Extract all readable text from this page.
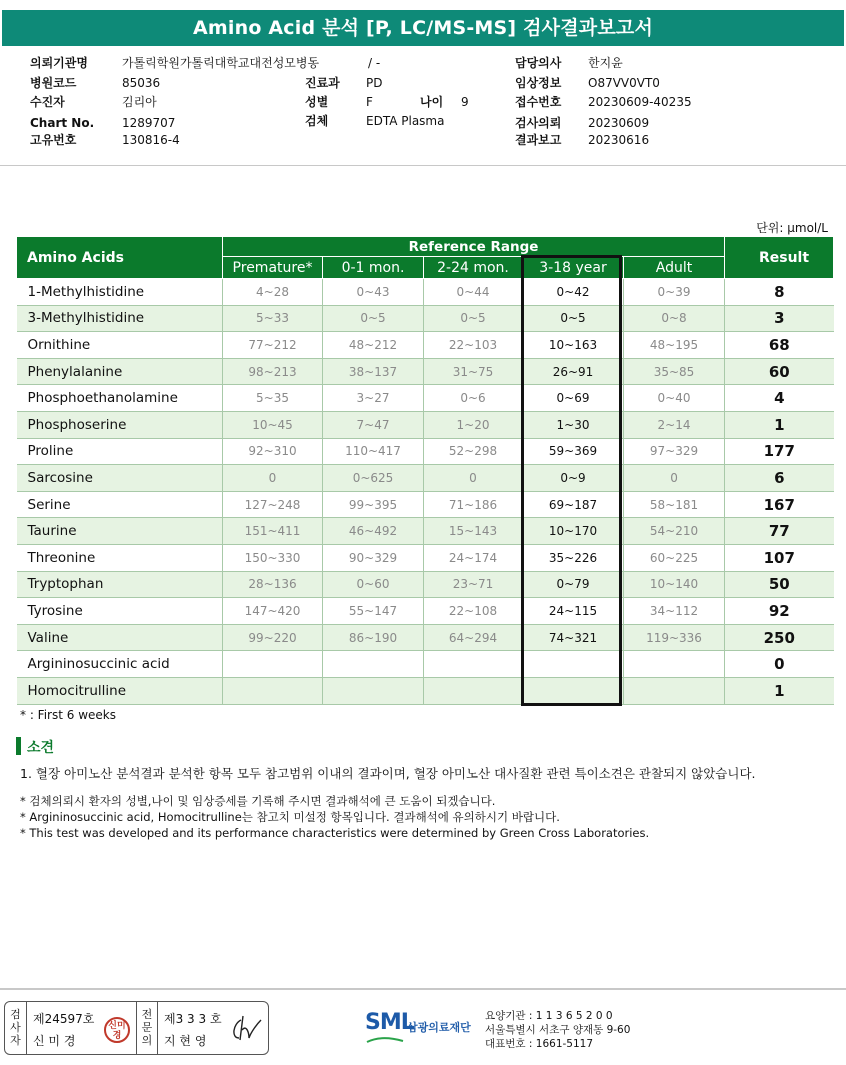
Amino Acid 분석 [P, LC/MS-MS] 검사결과보고서
의뢰기관명	가톨릭학원가톨릭대학교대전성모병동	/ -
병원코드	85036
수진자	김리아
Chart No. 1289707
고유번호	130816-4
진료과 PD
성별	F	나이 9
검체	EDTA Plasma
담당의사 한지윤
임상정보 O87VV0VT0
접수번호 20230609-40235
검사의뢰 20230609
결과보고 20230616
단위: μmol/L
Amino Acids	Reference Range					Result
	Premature*	0-1 mon.	2-24 mon.	3-18 year	Adult	
1-Methylhistidine	4~28	0~43	0~44	0~42	0~39	8
3-Methylhistidine	5~33	0~5	0~5	0~5	0~8	3
Ornithine	77~212	48~212	22~103	10~163	48~195	68
Phenylalanine	98~213	38~137	31~75	26~91	35~85	60
Phosphoethanolamine	5~35	3~27	0~6	0~69	0~40	4
Phosphoserine	10~45	7~47	1~20	1~30	2~14	1
Proline	92~310	110~417	52~298	59~369	97~329	177
Sarcosine	0	0~625	0	0~9	0	6
Serine	127~248	99~395	71~186	69~187	58~181	167
Taurine	151~411	46~492	15~143	10~170	54~210	77
Threonine	150~330	90~329	24~174	35~226	60~225	107
Tryptophan	28~136	0~60	23~71	0~79	10~140	50
Tyrosine	147~420	55~147	22~108	24~115	34~112	92
Valine	99~220	86~190	64~294	74~321	119~336	250
Argininosuccinic acid						0
Homocitrulline						1
* : First 6 weeks
소견
1. 혈장 아미노산 분석결과 분석한 항목 모두 참고범위 이내의 결과이며, 혈장 아미노산 대사질환 관련 특이소견은 관찰되지 않았습니다.
* 검체의뢰시 환자의 성별,나이 및 임상증세를 기록해 주시면 결과해석에 큰 도움이 되겠습니다.
* Argininosuccinic acid, Homocitrulline는 참고치 미설정 항목입니다. 결과해석에 유의하시기 바랍니다.
* This test was developed and its performance characteristics were determined by Green Cross Laboratories.
검사자
제24597호
신 미 경
신미경
전문의
제3 3 3 호
지 현 영
SML
삼광의료재단
요양기관 : 1 1 3 6 5 2 0 0
서울특별시 서초구 양재동 9-60
대표번호 : 1661-5117
